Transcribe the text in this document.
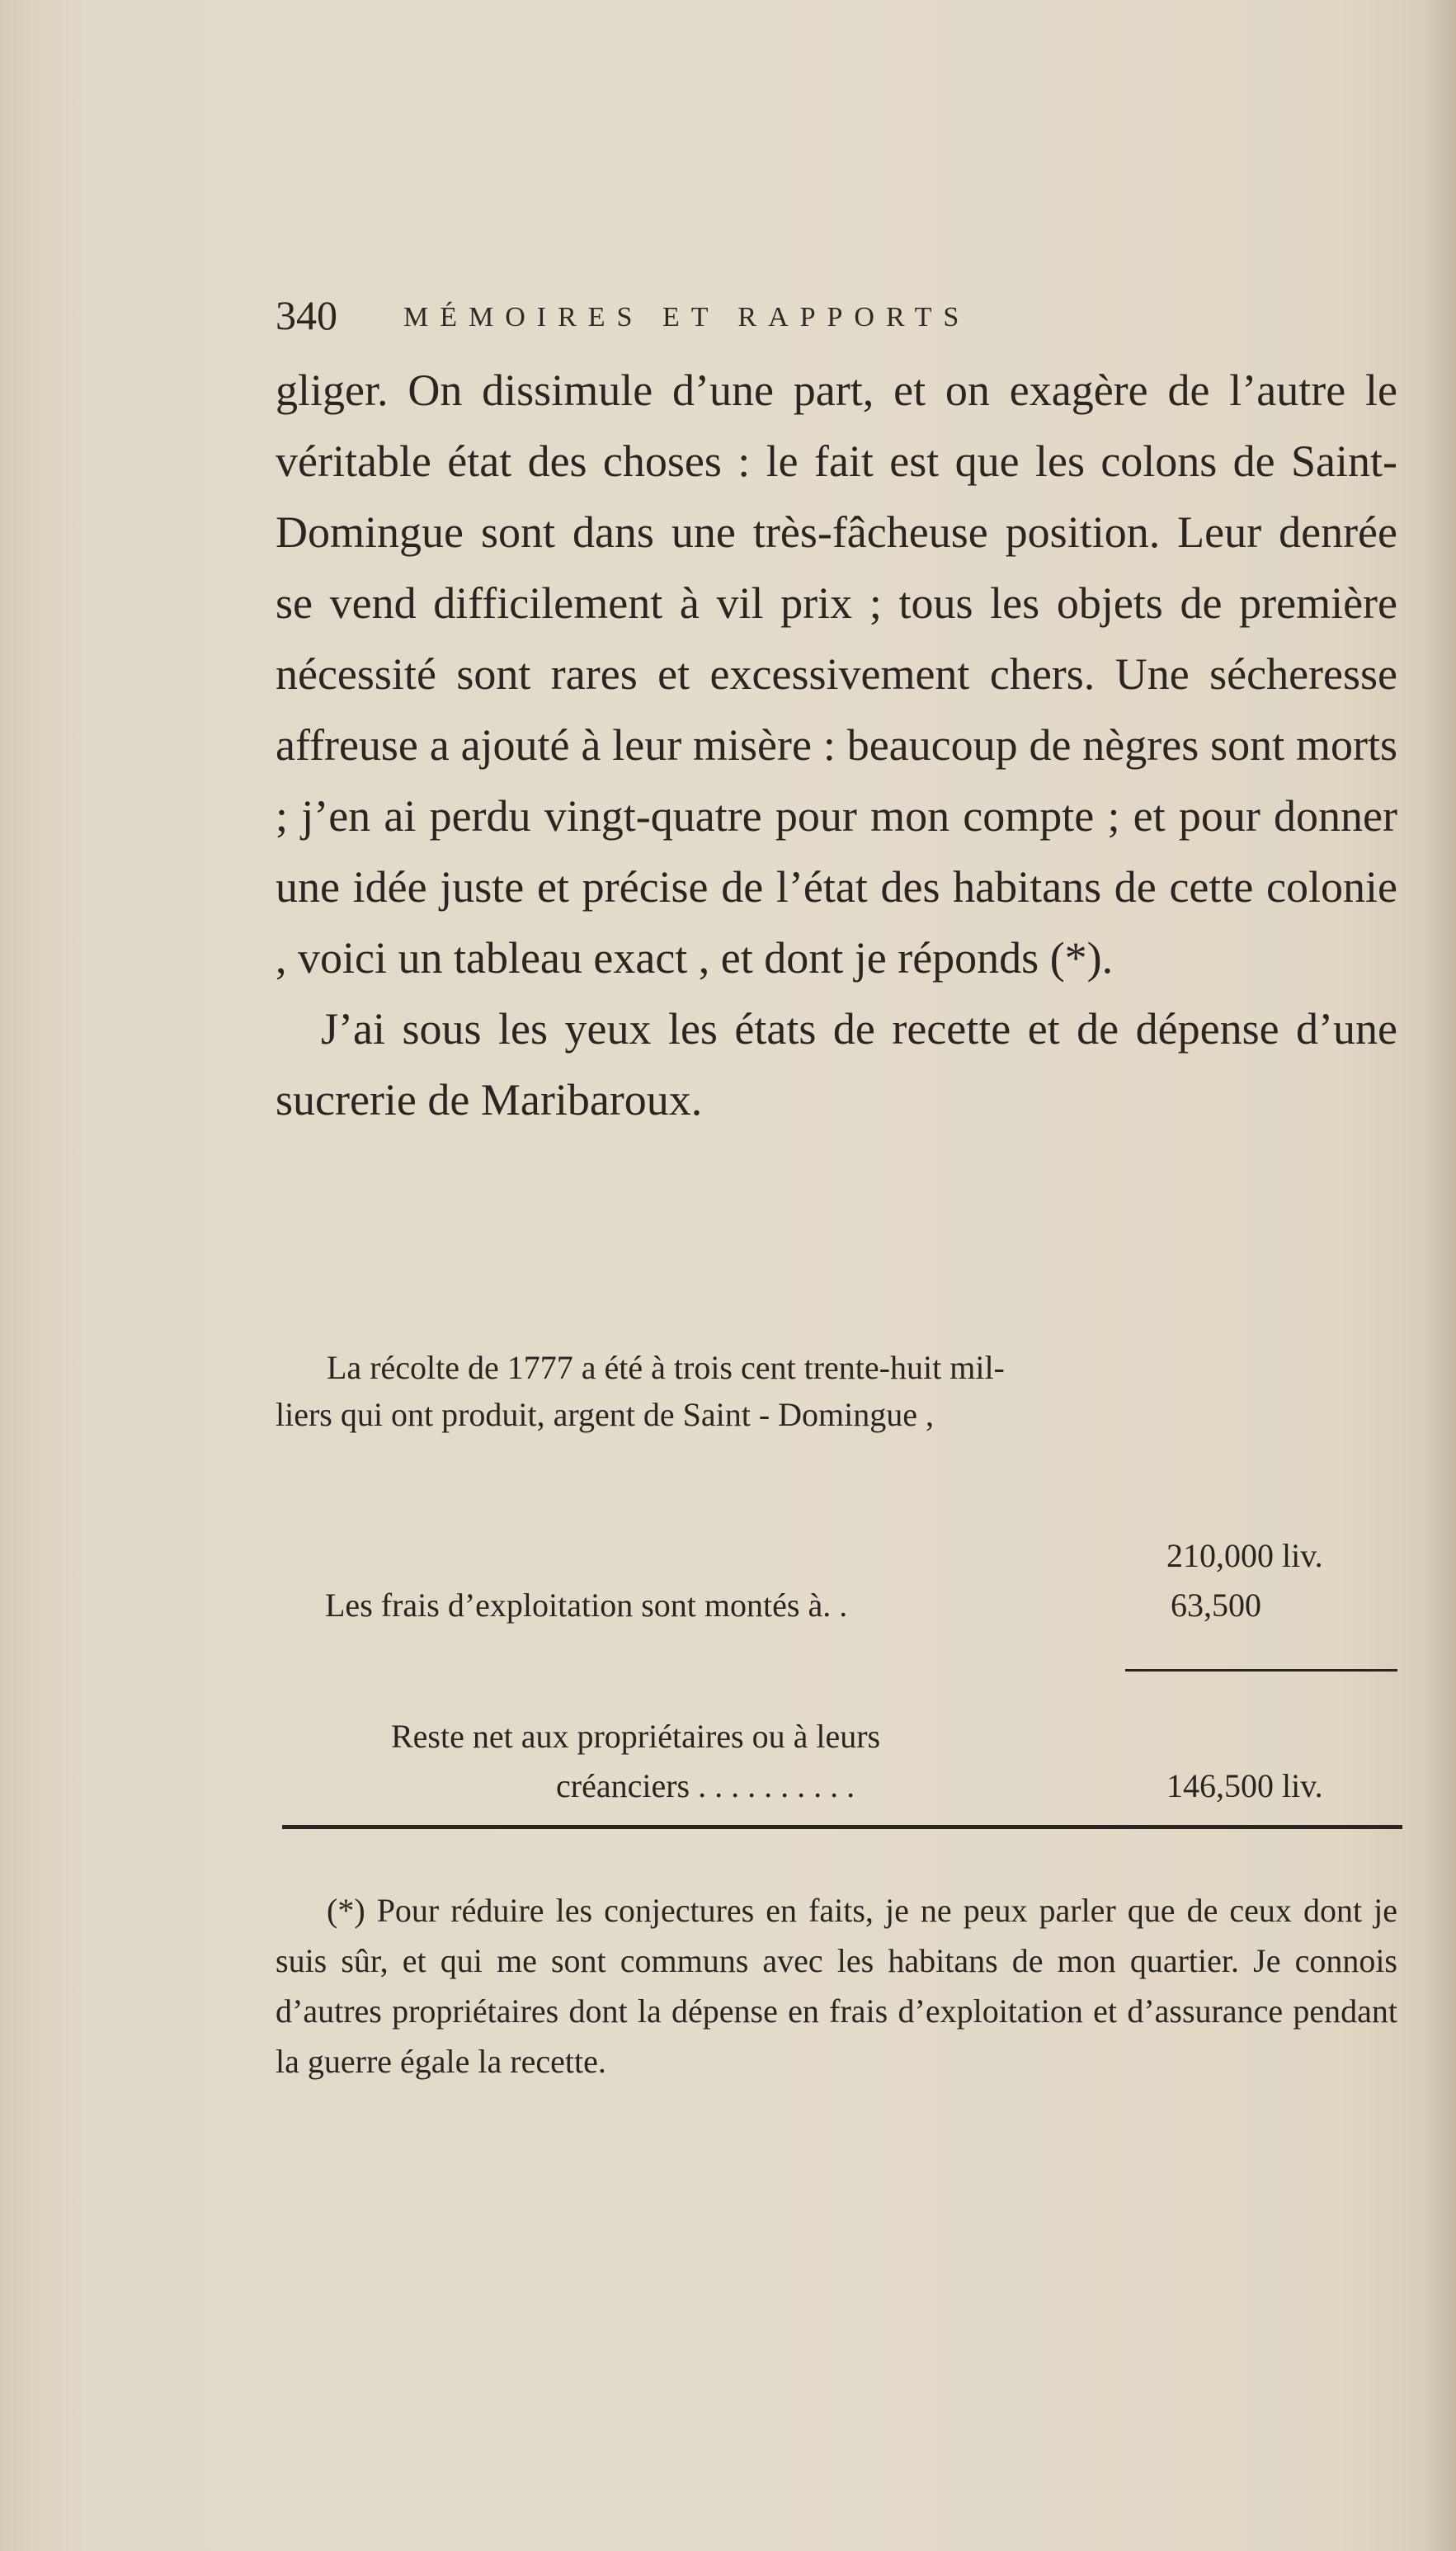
340 MÉMOIRES ET RAPPORTS

gliger. On dissimule d’une part, et on exagère de l’autre le véritable état des choses : le fait est que les colons de Saint-Domingue sont dans une très-fâcheuse position. Leur denrée se vend difficilement à vil prix ; tous les objets de première nécessité sont rares et excessivement chers. Une sécheresse affreuse a ajouté à leur misère : beaucoup de nègres sont morts ; j’en ai perdu vingt-quatre pour mon compte ; et pour donner une idée juste et précise de l’état des habitans de cette colonie , voici un tableau exact , et dont je réponds (*).

J’ai sous les yeux les états de recette et de dépense d’une sucrerie de Maribaroux.

La récolte de 1777 a été à trois cent trente-huit mil-
liers qui ont produit, argent de Saint - Domingue ,
210,000 liv.
Les frais d’exploitation sont montés à. .	63,500
Reste net aux propriétaires ou à leurs
créanciers . . . . . . . . . .	146,500 liv.

(*) Pour réduire les conjectures en faits, je ne peux parler que de ceux dont je suis sûr, et qui me sont communs avec les habitans de mon quartier. Je connois d’autres propriétaires dont la dépense en frais d’exploitation et d’assurance pendant la guerre égale la recette.
